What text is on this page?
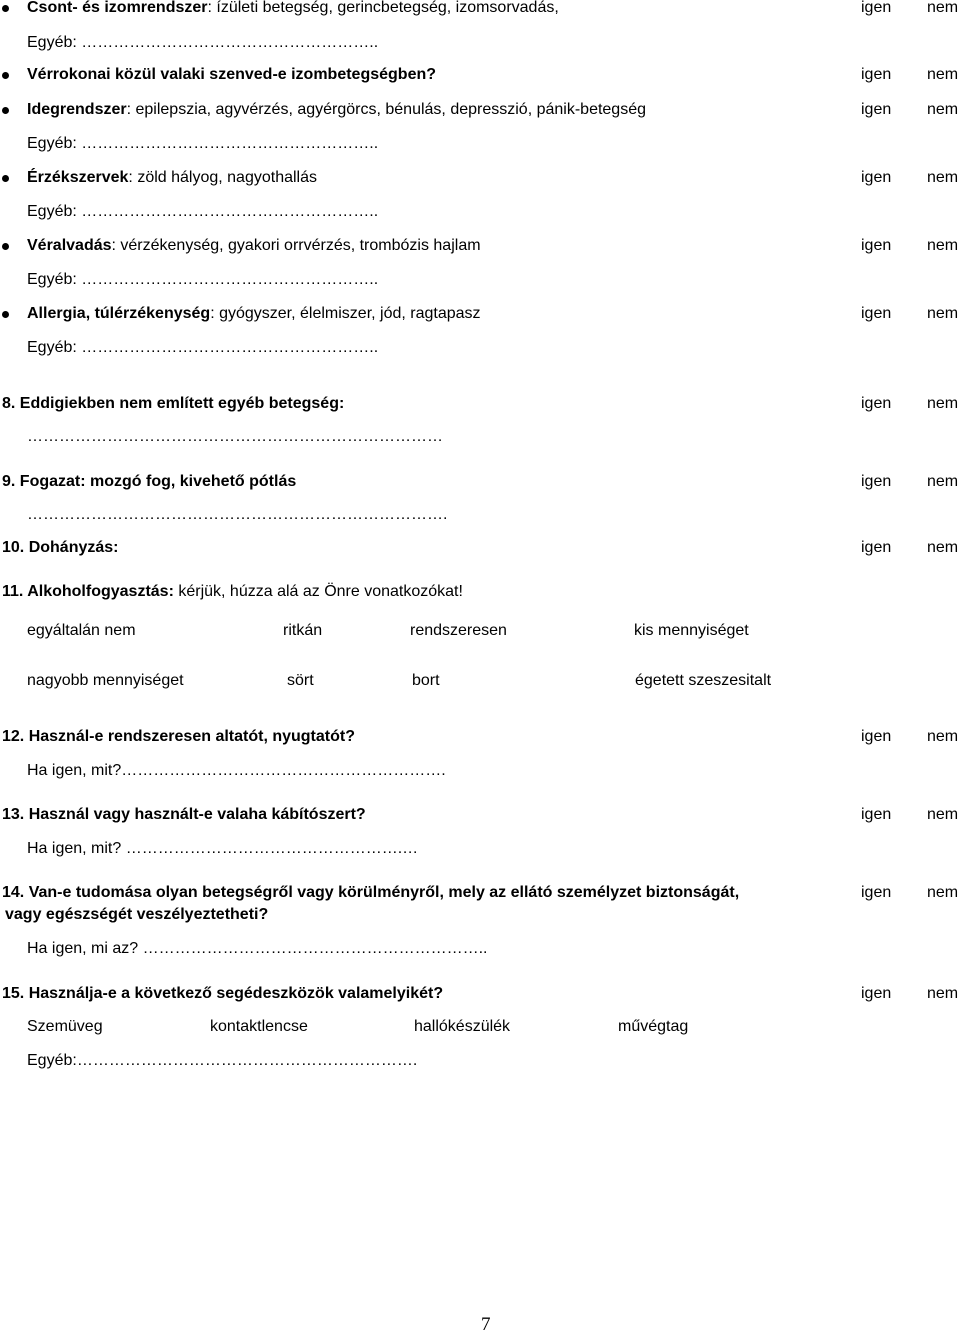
Csont- és izomrendszer: ízületi betegség, gerincbetegség, izomsorvadás,	igen nem
Egyéb: ………………………………………………..
Vérrokonai közül valaki szenved-e izombetegségben?	igen nem
Idegrendszer: epilepszia, agyvérzés, agyérgörcs, bénulás, depresszió, pánik-betegség	igen nem
Egyéb: ………………………………………………..
Érzékszervek: zöld hályog, nagyothallás	igen nem
Egyéb: ………………………………………………..
Véralvadás: vérzékenység, gyakori orrvérzés, trombózis hajlam	igen nem
Egyéb: ………………………………………………..
Allergia, túlérzékenység: gyógyszer, élelmiszer, jód, ragtapasz	igen nem
Egyéb: ………………………………………………..
8. Eddigiekben nem említett egyéb betegség:	igen nem
……………………………………………………………………
9. Fogazat: mozgó fog, kivehető pótlás	igen nem
…………………………………………………………………….
10. Dohányzás:	igen nem
11. Alkoholfogyasztás: kérjük, húzza alá az Önre vonatkozókat!
egyáltalán nem	ritkán	rendszeresen	kis mennyiséget
nagyobb mennyiséget	sört	bort	égetett szeszesitalt
12. Használ-e rendszeresen altatót, nyugtatót?	igen nem
Ha igen, mit?…………………………………………………….
13. Használ vagy használt-e valaha kábítószert?	igen nem
Ha igen, mit? …………………………………………….…
14. Van-e tudomása olyan betegségről vagy körülményről, mely az ellátó személyzet biztonságát,	igen nem
vagy egészségét veszélyeztetheti?
Ha igen, mi az? ………………………………………………………..
15. Használja-e a következő segédeszközök valamelyikét?	igen nem
Szemüveg	kontaktlencse	hallókészülék	művégtag
Egyéb:……………………………………………………….
7
